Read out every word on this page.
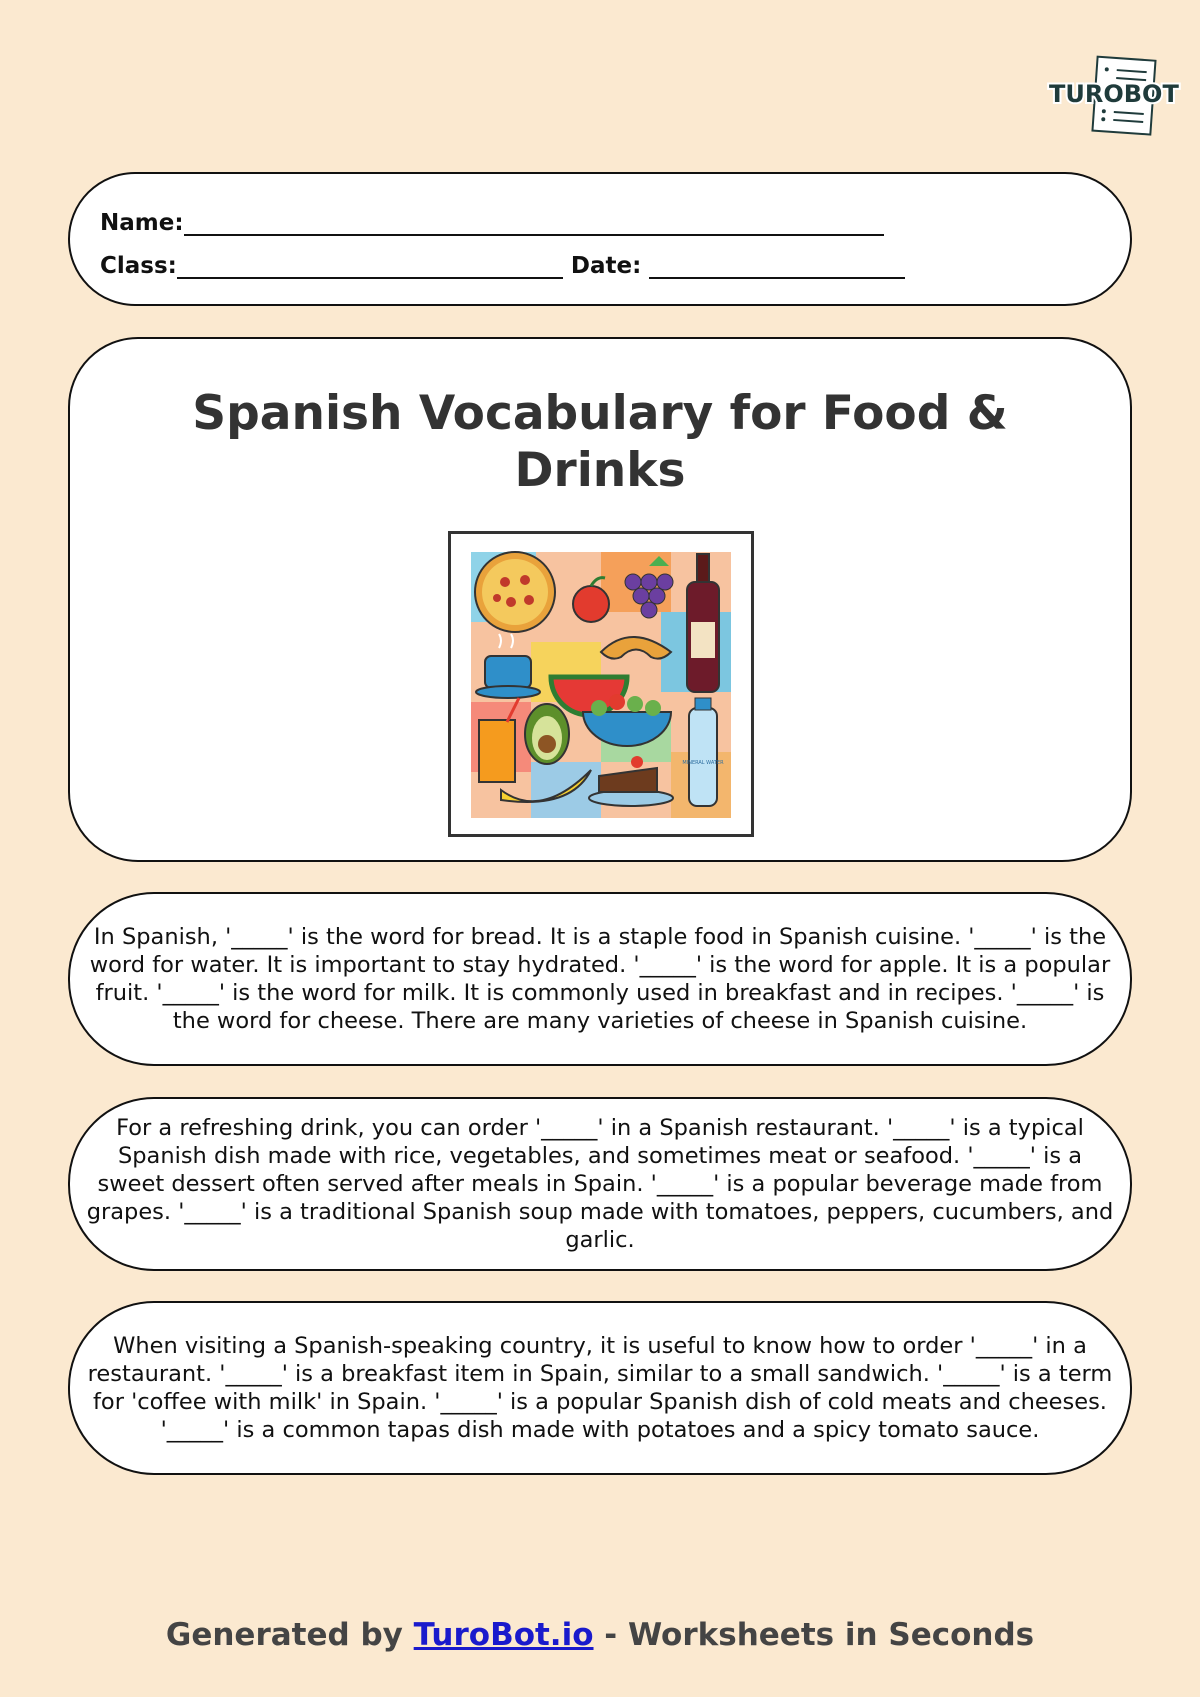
TUROBOT
Name:
Class:	Date:
Spanish Vocabulary for Food & Drinks
MINERAL WATER

In Spanish, '_____' is the word for bread. It is a staple food in Spanish cuisine. '_____' is the word for water. It is important to stay hydrated. '_____' is the word for apple. It is a popular fruit. '_____' is the word for milk. It is commonly used in breakfast and in recipes. '_____' is the word for cheese. There are many varieties of cheese in Spanish cuisine.

For a refreshing drink, you can order '_____' in a Spanish restaurant. '_____' is a typical Spanish dish made with rice, vegetables, and sometimes meat or seafood. '_____' is a sweet dessert often served after meals in Spain. '_____' is a popular beverage made from grapes. '_____' is a traditional Spanish soup made with tomatoes, peppers, cucumbers, and garlic.

When visiting a Spanish-speaking country, it is useful to know how to order '_____' in a restaurant. '_____' is a breakfast item in Spain, similar to a small sandwich. '_____' is a term for 'coffee with milk' in Spain. '_____' is a popular Spanish dish of cold meats and cheeses. '_____' is a common tapas dish made with potatoes and a spicy tomato sauce.

Generated by TuroBot.io - Worksheets in Seconds
